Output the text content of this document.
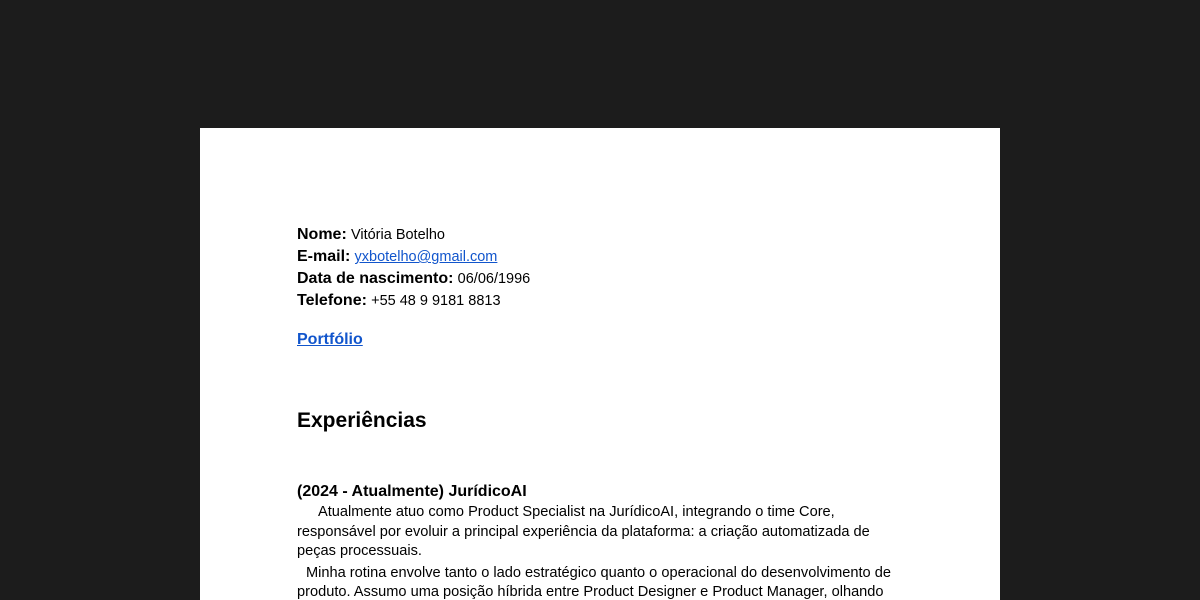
Nome: Vitória Botelho

E-mail: yxbotelho@gmail.com

Data de nascimento: 06/06/1996

Telefone: +55 48 9 9181 8813

Portfólio
Experiências
(2024 - Atualmente) JurídicoAI

Atualmente atuo como Product Specialist na JurídicoAI, integrando o time Core, responsável por evoluir a principal experiência da plataforma: a criação automatizada de peças processuais.

Minha rotina envolve tanto o lado estratégico quanto o operacional do desenvolvimento de produto. Assumo uma posição híbrida entre Product Designer e Product Manager, olhando
